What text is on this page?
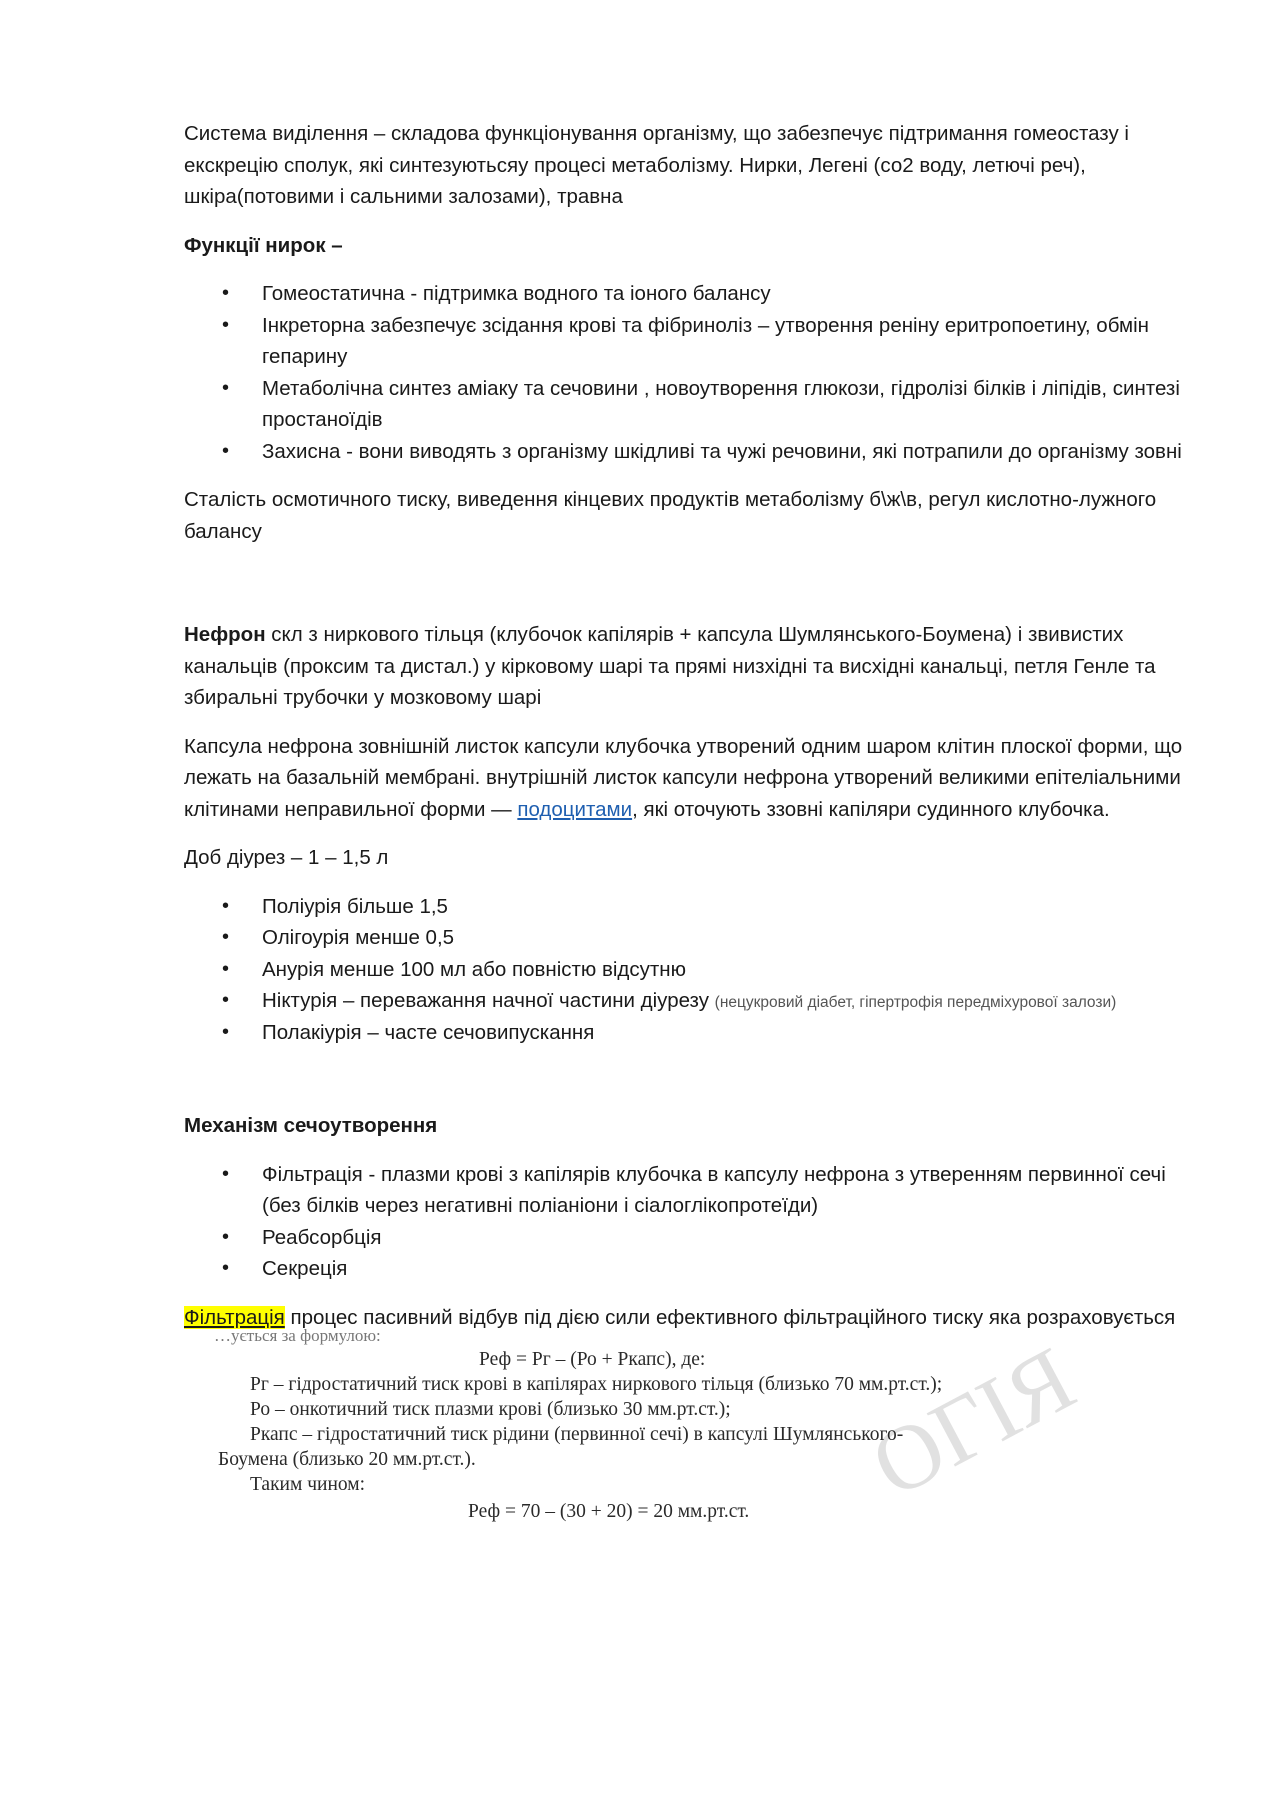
Система виділення – складова функціонування організму, що забезпечує підтримання гомеостазу і екскрецію сполук, які синтезуютьсяу процесі метаболізму. Нирки, Легені (со2 воду, летючі реч), шкіра(потовими і сальними залозами), травна

Функції нирок –

• Гомеостатична - підтримка водного та іоного балансу
• Інкреторна забезпечує зсідання крові та фібриноліз – утворення реніну еритропоетину, обмін гепарину
• Метаболічна синтез аміаку та сечовини , новоутворення глюкози, гідролізі білків і ліпідів, синтезі простаноїдів
• Захисна - вони виводять з організму шкідливі та чужі речовини, які потрапили до організму зовні

Сталість осмотичного тиску, виведення кінцевих продуктів метаболізму б\ж\в, регул кислотно-лужного балансу

Нефрон скл з ниркового тільця (клубочок капілярів + капсула Шумлянського-Боумена) і звивистих канальців (проксим та дистал.) у кірковому шарі та прямі низхідні та висхідні канальці, петля Генле та збиральні трубочки у мозковому шарі

Капсула нефрона зовнішній листок капсули клубочка утворений одним шаром клітин плоскої форми, що лежать на базальній мембрані. внутрішній листок капсули нефрона утворений великими епітеліальними клітинами неправильної форми — подоцитами, які оточують ззовні капіляри судинного клубочка.

Доб діурез – 1 – 1,5 л

• Поліурія більше 1,5
• Олігоурія менше 0,5
• Анурія менше 100 мл або повністю відсутню
• Ніктурія – переважання начної частини діурезу (нецукровий діабет, гіпертрофія передміхурової залози)
• Полакіурія – часте сечовипускання

Механізм сечоутворення

• Фільтрація - плазми крові з капілярів клубочка в капсулу нефрона з утверенням первинної сечі (без білків через негативні поліаніони і сіалоглікопротеїди)
• Реабсорбція
• Секреція

Фільтрація процес пасивний відбув під дією сили ефективного фільтраційного тиску яка розраховується

ОГІЯ
…ується за формулою:
Реф = Рг – (Ро + Ркапс), де:
Рг – гідростатичний тиск крові в капілярах ниркового тільця (близько 70 мм.рт.ст.);
Ро – онкотичний тиск плазми крові (близько 30 мм.рт.ст.);
Ркапс – гідростатичний тиск рідини (первинної сечі) в капсулі Шумлянського-
Боумена (близько 20 мм.рт.ст.).
Таким чином:
Реф = 70 – (30 + 20) = 20 мм.рт.ст.
